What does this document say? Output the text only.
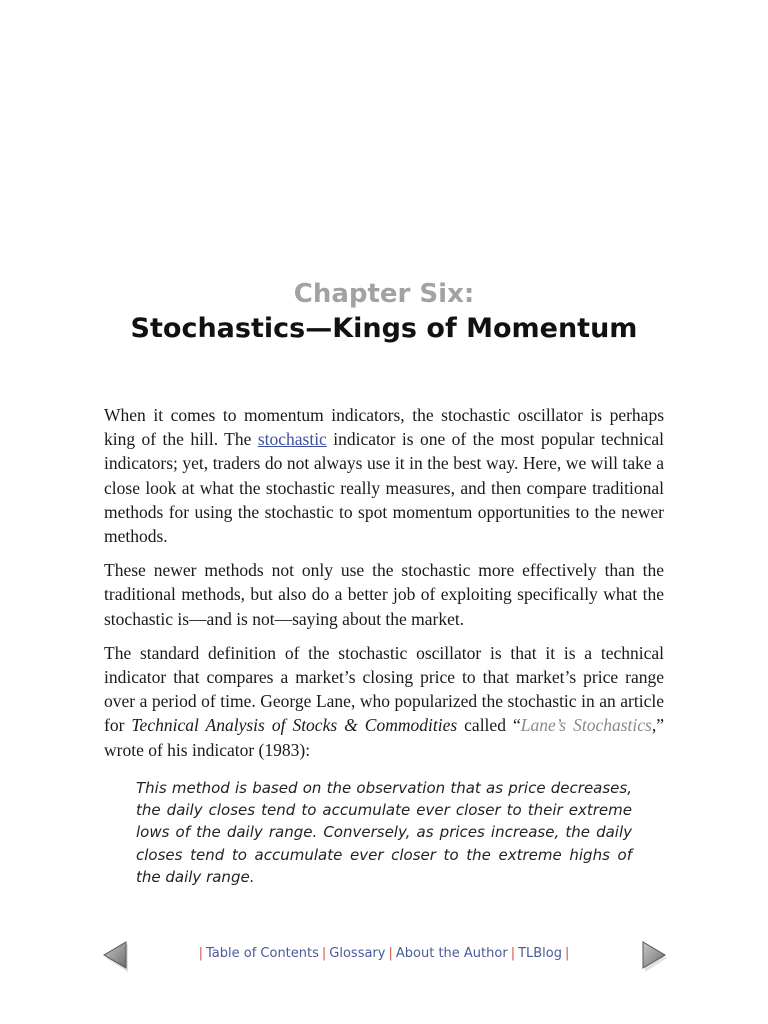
Chapter Six:
Stochastics—Kings of Momentum

When it comes to momentum indicators, the stochastic oscillator is perhaps king of the hill. The stochastic indicator is one of the most popular technical indicators; yet, traders do not always use it in the best way. Here, we will take a close look at what the stochastic really measures, and then compare traditional methods for using the stochastic to spot momentum opportunities to the newer methods.

These newer methods not only use the stochastic more effectively than the traditional methods, but also do a better job of exploiting specifically what the stochastic is—and is not—saying about the market.

The standard definition of the stochastic oscillator is that it is a technical indicator that compares a market’s closing price to that market’s price range over a period of time. George Lane, who popularized the stochastic in an article for Technical Analysis of Stocks & Commodities called “Lane’s Stochastics,” wrote of his indicator (1983):

This method is based on the observation that as price decreases, the daily closes tend to accumulate ever closer to their extreme lows of the daily range. Conversely, as prices increase, the daily closes tend to accumulate ever closer to the extreme highs of the daily range.
| Table of Contents | Glossary | About the Author | TLBlog |
